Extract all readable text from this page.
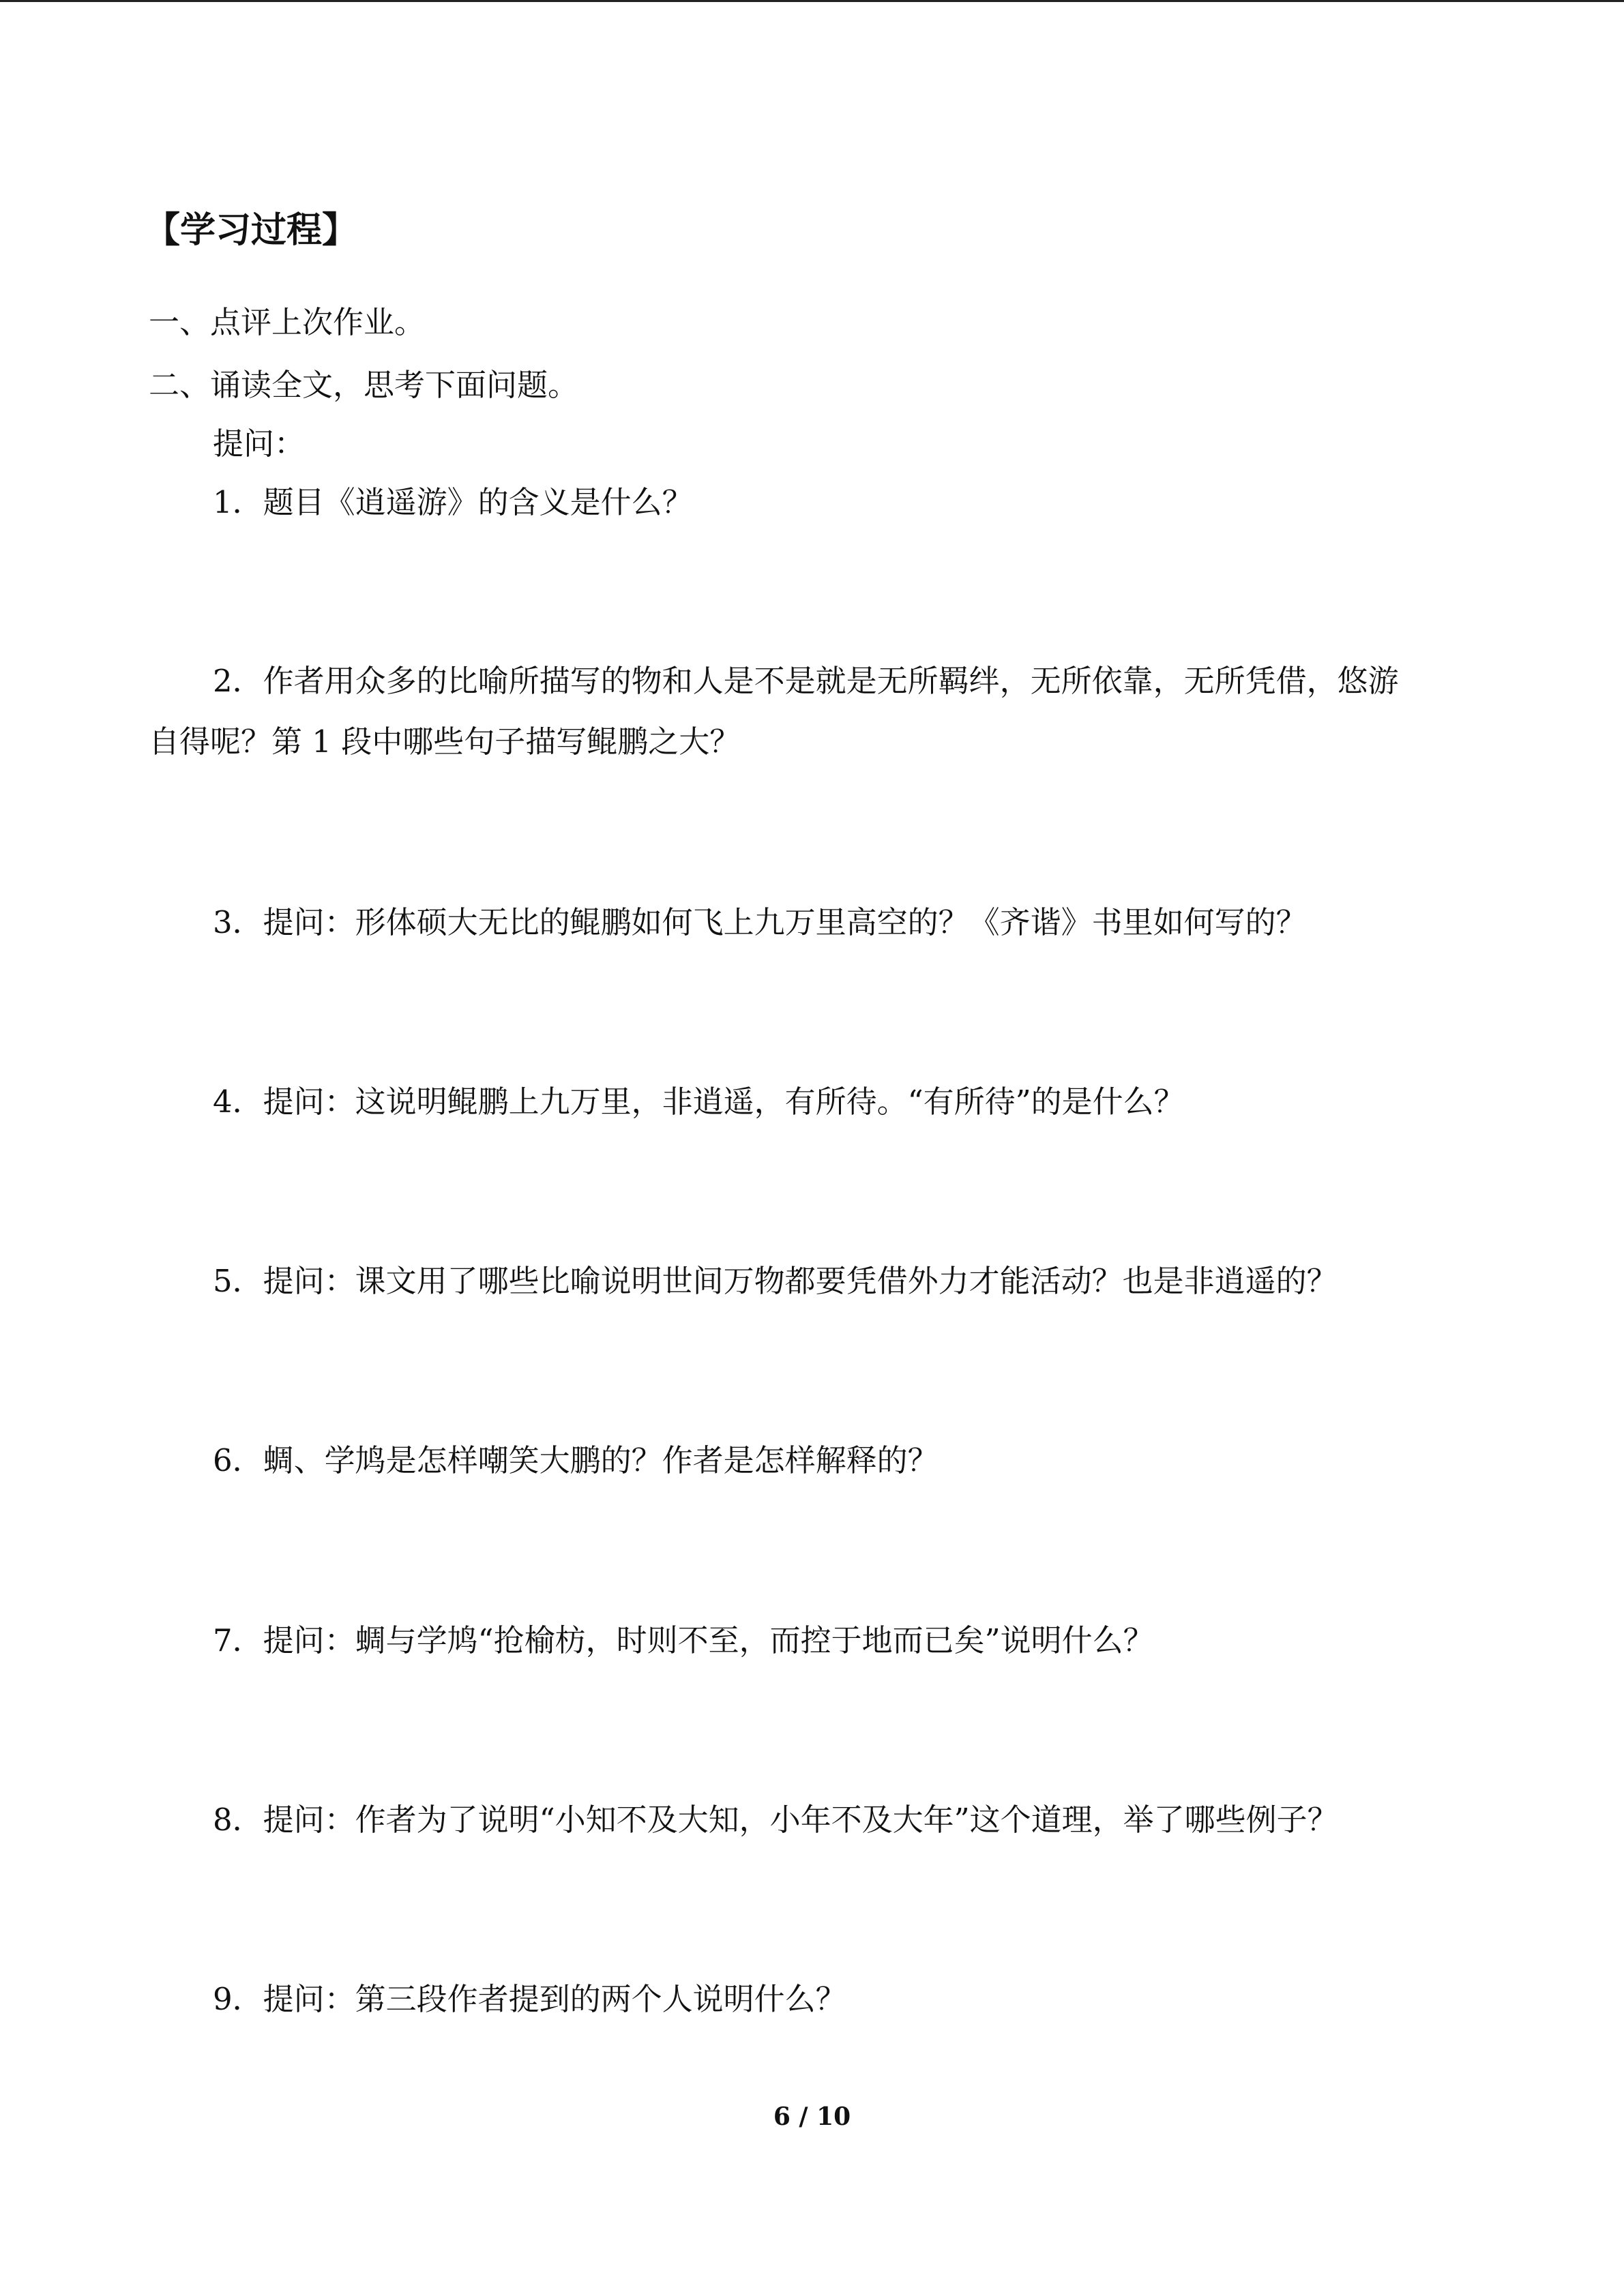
【学习过程】
一、点评上次作业。
二、诵读全文，思考下面问题。
提问：
1．题目《逍遥游》的含义是什么？
2．作者用众多的比喻所描写的物和人是不是就是无所羁绊，无所依靠，无所凭借，悠游
自得呢？第 1 段中哪些句子描写鲲鹏之大？
3．提问：形体硕大无比的鲲鹏如何飞上九万里高空的？《齐谐》书里如何写的？
4．提问：这说明鲲鹏上九万里，非逍遥，有所待。“有所待”的是什么？
5．提问：课文用了哪些比喻说明世间万物都要凭借外力才能活动？也是非逍遥的？
6．蜩、学鸠是怎样嘲笑大鹏的？作者是怎样解释的？
7．提问：蜩与学鸠“抢榆枋，时则不至，而控于地而已矣”说明什么？
8．提问：作者为了说明“小知不及大知，小年不及大年”这个道理，举了哪些例子？
9．提问：第三段作者提到的两个人说明什么？
6 / 10
